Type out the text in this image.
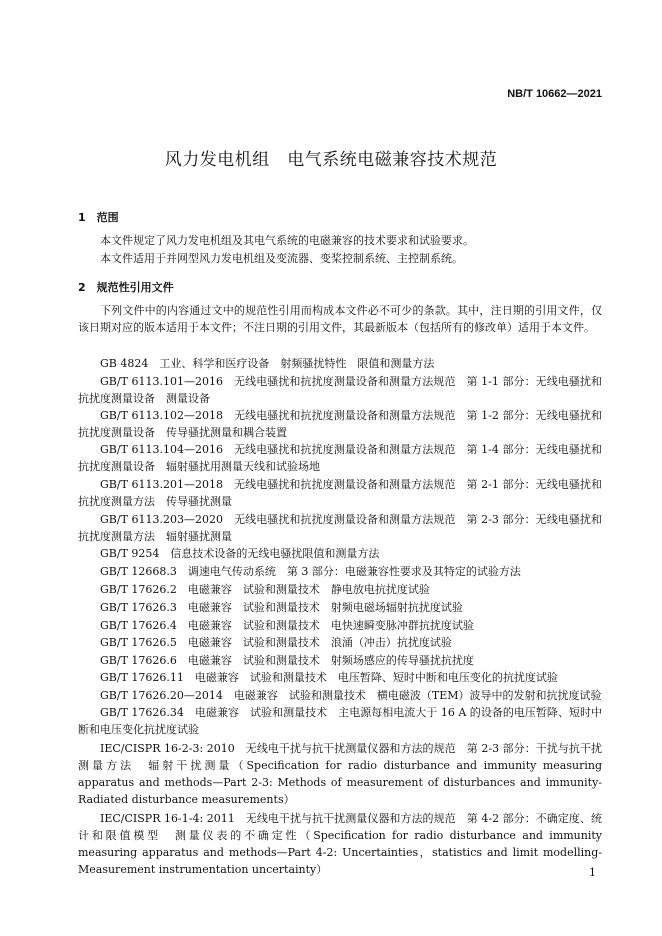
NB/T 10662—2021
风力发电机组　电气系统电磁兼容技术规范
1　范围
本文件规定了风力发电机组及其电气系统的电磁兼容的技术要求和试验要求。
本文件适用于并网型风力发电机组及变流器、变桨控制系统、主控制系统。
2　规范性引用文件
下列文件中的内容通过文中的规范性引用而构成本文件必不可少的条款。其中，注日期的引用文件，仅该日期对应的版本适用于本文件；不注日期的引用文件，其最新版本（包括所有的修改单）适用于本文件。
GB 4824　工业、科学和医疗设备　射频骚扰特性　限值和测量方法
GB/T 6113.101—2016　无线电骚扰和抗扰度测量设备和测量方法规范　第 1-1 部分：无线电骚扰和抗扰度测量设备　测量设备
GB/T 6113.102—2018　无线电骚扰和抗扰度测量设备和测量方法规范　第 1-2 部分：无线电骚扰和抗扰度测量设备　传导骚扰测量和耦合装置
GB/T 6113.104—2016　无线电骚扰和抗扰度测量设备和测量方法规范　第 1-4 部分：无线电骚扰和抗扰度测量设备　辐射骚扰用测量天线和试验场地
GB/T 6113.201—2018　无线电骚扰和抗扰度测量设备和测量方法规范　第 2-1 部分：无线电骚扰和抗扰度测量方法　传导骚扰测量
GB/T 6113.203—2020　无线电骚扰和抗扰度测量设备和测量方法规范　第 2-3 部分：无线电骚扰和抗扰度测量方法　辐射骚扰测量
GB/T 9254　信息技术设备的无线电骚扰限值和测量方法
GB/T 12668.3　调速电气传动系统　第 3 部分：电磁兼容性要求及其特定的试验方法
GB/T 17626.2　电磁兼容　试验和测量技术　静电放电抗扰度试验
GB/T 17626.3　电磁兼容　试验和测量技术　射频电磁场辐射抗扰度试验
GB/T 17626.4　电磁兼容　试验和测量技术　电快速瞬变脉冲群抗扰度试验
GB/T 17626.5　电磁兼容　试验和测量技术　浪涌（冲击）抗扰度试验
GB/T 17626.6　电磁兼容　试验和测量技术　射频场感应的传导骚扰抗扰度
GB/T 17626.11　电磁兼容　试验和测量技术　电压暂降、短时中断和电压变化的抗扰度试验
GB/T 17626.20—2014　电磁兼容　试验和测量技术　横电磁波（TEM）波导中的发射和抗扰度试验
GB/T 17626.34　电磁兼容　试验和测量技术　主电源每相电流大于 16 A 的设备的电压暂降、短时中断和电压变化抗扰度试验
IEC/CISPR 16-2-3: 2010　无线电干扰与抗干扰测量仪器和方法的规范　第 2-3 部分：干扰与抗干扰测量方法　辐射干扰测量（Specification for radio disturbance and immunity measuring apparatus and methods—Part 2-3: Methods of measurement of disturbances and immunity-Radiated disturbance measurements）
IEC/CISPR 16-1-4: 2011　无线电干扰与抗干扰测量仪器和方法的规范　第 4-2 部分：不确定度、统计和限值模型　测量仪表的不确定性（Specification for radio disturbance and immunity measuring apparatus and methods—Part 4-2: Uncertainties，statistics and limit modelling-Measurement instrumentation uncertainty）	1
